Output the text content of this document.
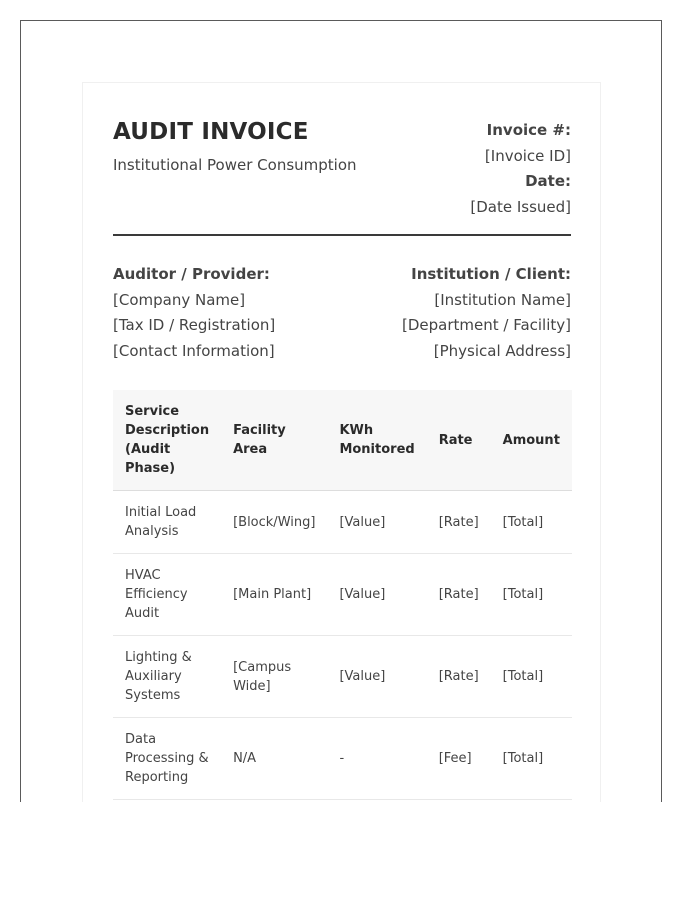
AUDIT INVOICE
Institutional Power Consumption
Invoice #:
[Invoice ID]
Date:
[Date Issued]
Auditor / Provider:
[Company Name]
[Tax ID / Registration]
[Contact Information]
Institution / Client:
[Institution Name]
[Department / Facility]
[Physical Address]
Service Description (Audit Phase)	Facility Area	KWh Monitored	Rate	Amount
Initial Load Analysis	[Block/Wing]	[Value]	[Rate]	[Total]
HVAC Efficiency Audit	[Main Plant]	[Value]	[Rate]	[Total]
Lighting & Auxiliary Systems	[Campus Wide]	[Value]	[Rate]	[Total]
Data Processing & Reporting	N/A	-	[Fee]	[Total]
